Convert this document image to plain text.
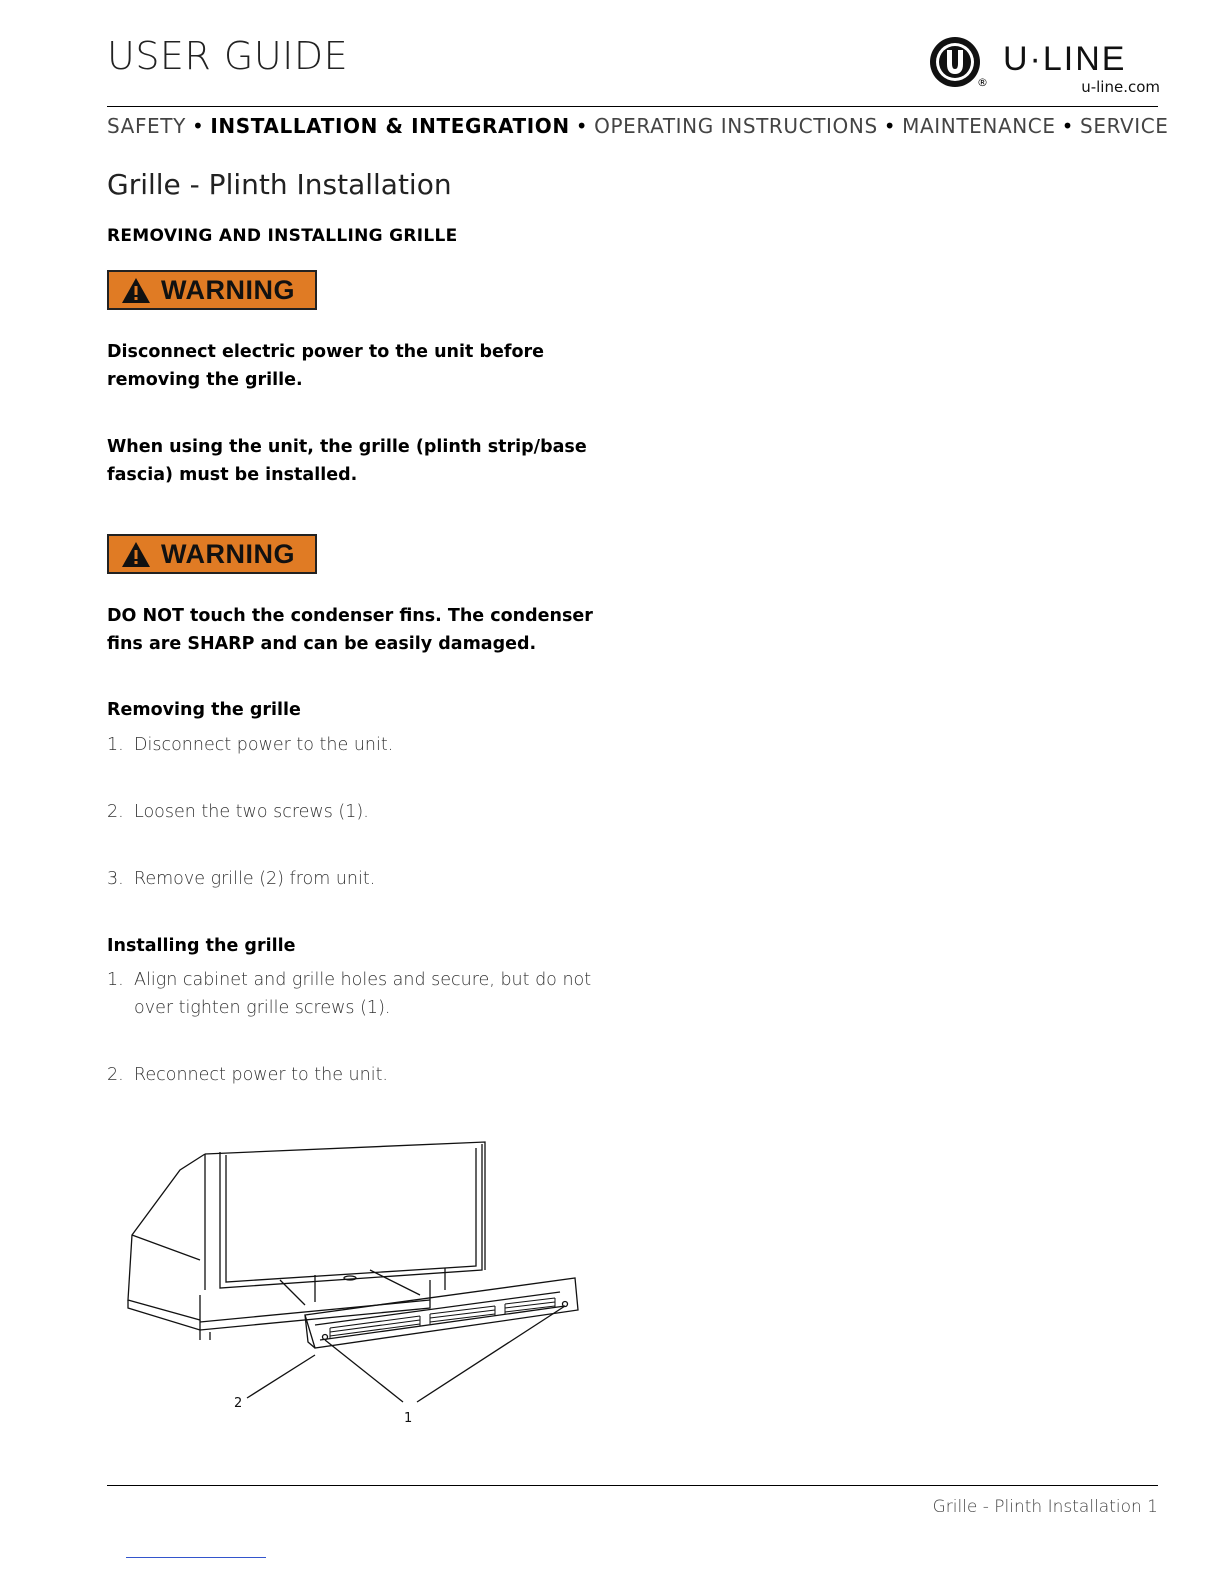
USER GUIDE
®
U·LINE
u-line.com
SAFETY • INSTALLATION & INTEGRATION • OPERATING INSTRUCTIONS • MAINTENANCE • SERVICE
Grille - Plinth Installation
REMOVING AND INSTALLING GRILLE
WARNING
Disconnect electric power to the unit before removing the grille.
When using the unit, the grille (plinth strip/base fascia) must be installed.
WARNING
DO NOT touch the condenser fins. The condenser fins are SHARP and can be easily damaged.
Removing the grille
1. Disconnect power to the unit.
2. Loosen the two screws (1).
3. Remove grille (2) from unit.
Installing the grille
1. Align cabinet and grille holes and secure, but do not over tighten grille screws (1).
2. Reconnect power to the unit.
2
1
Grille - Plinth Installation 1
